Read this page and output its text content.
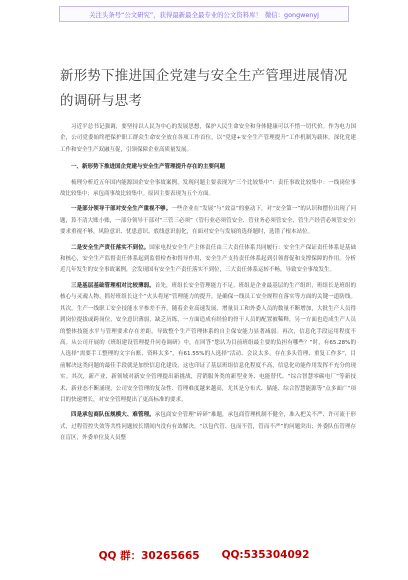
关注头条号“公文研究”，获得最新最全最专业的公文资料库！ 微信：gongwenyj
新形势下推进国企党建与安全生产管理进展情况的调研与思考

习近平总书记强调，要坚持以人民为中心的发展思想，保护人民生命安全和身体健康可以不惜一切代价。作为电力国企，公司党委始终把保护职工群众生命安全放在各项工作首位，以“党建+安全生产管理提升”工作机制为载体，深化党建工作和安全生产双融互促，引领保障企业高质量发展。

一、新形势下推进国企党建与安全生产管理提升存在的主要问题

梳理分析近五年国内能源国企安全事故案例，发现问题主要表现为“三个比较集中”：责任事故比较集中：一线岗位事故比较集中；承包商事故比较集中。原因主要表现为五个方面。

一是部分领导干部对安全生产重视不够。一些企业在“发展”与“效益”的驱动下，对“安全第一”的认识和摆位出现了问题，算不清大账小账，一部分领导干部对“三管三必须”（管行业必须管安全、管业务必须管安全、管生产经营必须管安全）要求重视不够，风险意识、忧患意识、底线意识弱化，在面对安全与发展的选择题时，选错了根本站位。

二是安全生产责任落实不到位。国家电投安全生产主体责任由三大责任体系共同履行：安全生产保证责任体系是基础和核心，安全生产监督责任体系起到监督检查和督导作用，安全生产支持责任体系起到引领督促和支撑保障的作用。分析近几年发生的安全事故案例，会发现国有安全生产责任落实不到位，三大责任体系运转不畅，导致安全事故发生。

三是基层基础管理相对比较薄弱。首先，班组长安全管理能力不足。班组是企业最基层的生产组织，班组长是班组的核心与灵魂人物，抓好班组长这个“火头将尾”管理能力的提升，是确保一线员工安全规程在落实等方面的关键一道防线。其次，生产一线职工安全技能水平参差不齐，随着企业高速发展，增量员工和外委人员的数量不断增加，大批生产人员得到岗位提拔或跨岗位，安全意识薄弱，缺乏历练，一方面造成有经验的骨干人员的配置被稀释，另一方面也造成生产人员的整体技能水平与管理要求存在差距，导致整个生产管理体系的自主保安能力显著减弱。再次，信息化手段运用程度不高。从公司开展的《班组建设管理提升问卷调研》中，在回答“您认为目前班组最主要的负担有哪些？”时，有65.28%的人选择“需要手工整理的文字台账、资料太多”，有61.55%的人选择“活动、会议太多，存在多头管理、重复工作多”，目前解决这类问题的最佳手段就是加快信息化建设，这也印证了基层班组信息化程度不高，信息化功能作用发挥不充分的现实。其次，新产业、新领域对新安全管理提出新挑战，营销服务类的新型业务、电能替代、“综合智慧零碳电厂”等新技术、新业态不断涌现，公司安全管理的复杂性、管理难度越来越高，尤其是分布式、储能、综合智慧能源等“点多面广”项目的快速增长，对安全管理提出了更高标准的要求。

四是承包商队伍规模大、难管理。承包商安全管理“碎碎”难题，承包商管理机制不健全，准入把关不严、许可流于形式，过程管控失效等共性问题较长期间内没有有效解决，“以包代管、包而不管，管而不严”的问题突出；外委队伍管理存在盲区，外委单位及人员整

QQ 群：30265665 QQ:535304092
